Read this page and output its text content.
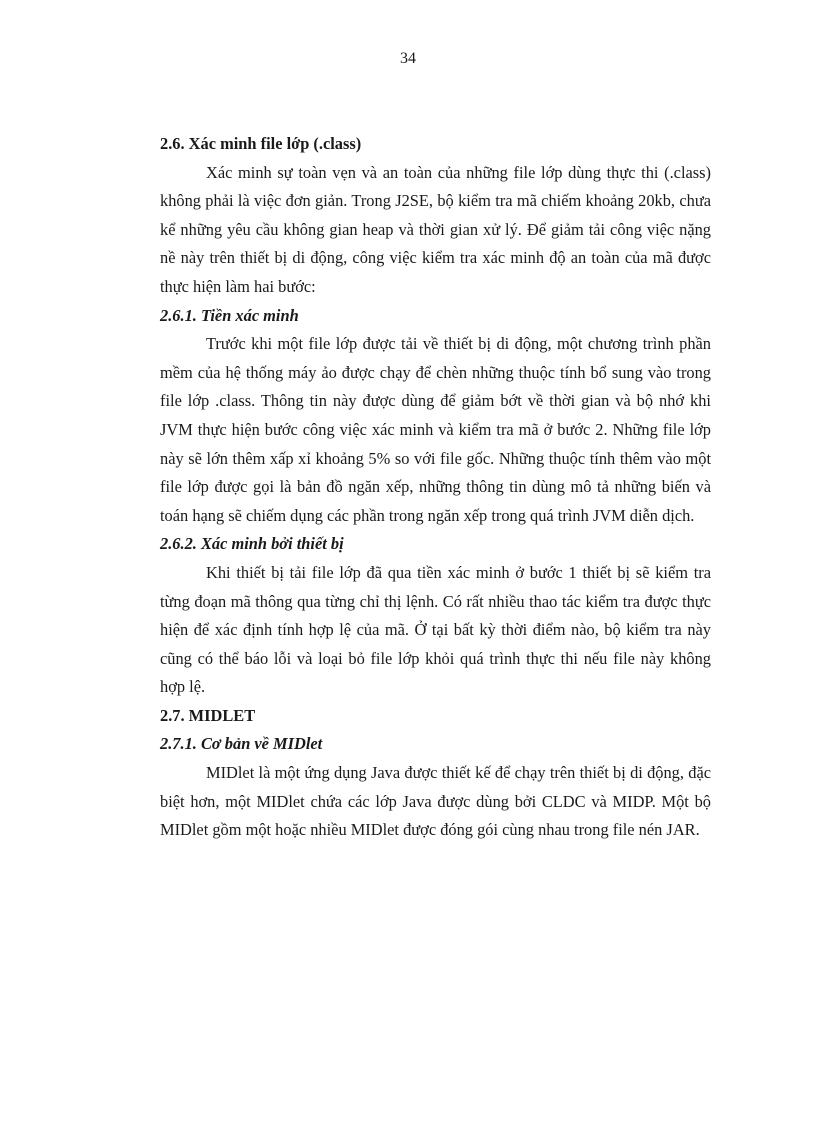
34

2.6. Xác minh file lớp (.class)

Xác minh sự toàn vẹn và an toàn của những file lớp dùng thực thi (.class) không phải là việc đơn giản. Trong J2SE, bộ kiểm tra mã chiếm khoảng 20kb, chưa kể những yêu cầu không gian heap và thời gian xử lý. Để giảm tải công việc nặng nề này trên thiết bị di động, công việc kiểm tra xác minh độ an toàn của mã được thực hiện làm hai bước:

2.6.1. Tiền xác minh

Trước khi một file lớp được tải về thiết bị di động, một chương trình phần mềm của hệ thống máy ảo được chạy để chèn những thuộc tính bổ sung vào trong file lớp .class. Thông tin này được dùng để giảm bớt về thời gian và bộ nhớ khi JVM thực hiện bước công việc xác minh và kiểm tra mã ở bước 2. Những file lớp này sẽ lớn thêm xấp xỉ khoảng 5% so với file gốc. Những thuộc tính thêm vào một file lớp được gọi là bản đồ ngăn xếp, những thông tin dùng mô tả những biến và toán hạng sẽ chiếm dụng các phần trong ngăn xếp trong quá trình JVM diễn dịch.

2.6.2. Xác minh bởi thiết bị

Khi thiết bị tải file lớp đã qua tiền xác minh ở bước 1 thiết bị sẽ kiểm tra từng đoạn mã thông qua từng chỉ thị lệnh. Có rất nhiều thao tác kiểm tra được thực hiện để xác định tính hợp lệ của mã. Ở tại bất kỳ thời điểm nào, bộ kiểm tra này cũng có thể báo lỗi và loại bỏ file lớp khỏi quá trình thực thi nếu file này không hợp lệ.

2.7. MIDLET

2.7.1. Cơ bản về MIDlet

MIDlet là một ứng dụng Java được thiết kế để chạy trên thiết bị di động, đặc biệt hơn, một MIDlet chứa các lớp Java được dùng bởi CLDC và MIDP. Một bộ MIDlet gồm một hoặc nhiều MIDlet được đóng gói cùng nhau trong file nén JAR.
